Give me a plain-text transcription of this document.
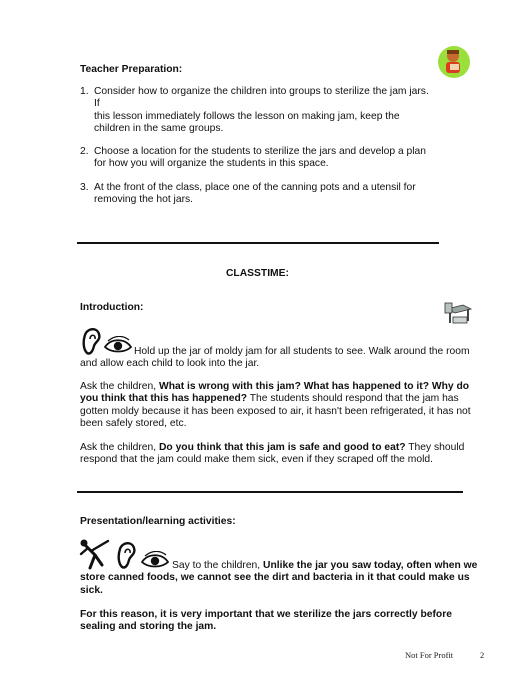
Teacher Preparation:
1. Consider how to organize the children into groups to sterilize the jam jars.
If
this lesson immediately follows the lesson on making jam, keep the
children in the same groups.
2. Choose a location for the students to sterilize the jars and develop a plan
for how you will organize the students in this space.
3. At the front of the class, place one of the canning pots and a utensil for
removing the hot jars.
CLASSTIME:
Introduction:
Hold up the jar of moldy jam for all students to see. Walk around the room
and allow each child to look into the jar.
Ask the children, What is wrong with this jam? What has happened to it? Why do you think that this has happened? The students should respond that the jam has gotten moldy because it has been exposed to air, it hasn't been refrigerated, it has not been safely stored, etc.
Ask the children, Do you think that this jam is safe and good to eat? They should respond that the jam could make them sick, even if they scraped off the mold.
Presentation/learning activities:
Say to the children, Unlike the jar you saw today, often when we store canned foods, we cannot see the dirt and bacteria in it that could make us sick.
For this reason, it is very important that we sterilize the jars correctly before sealing and storing the jam.
Not For Profit	2
